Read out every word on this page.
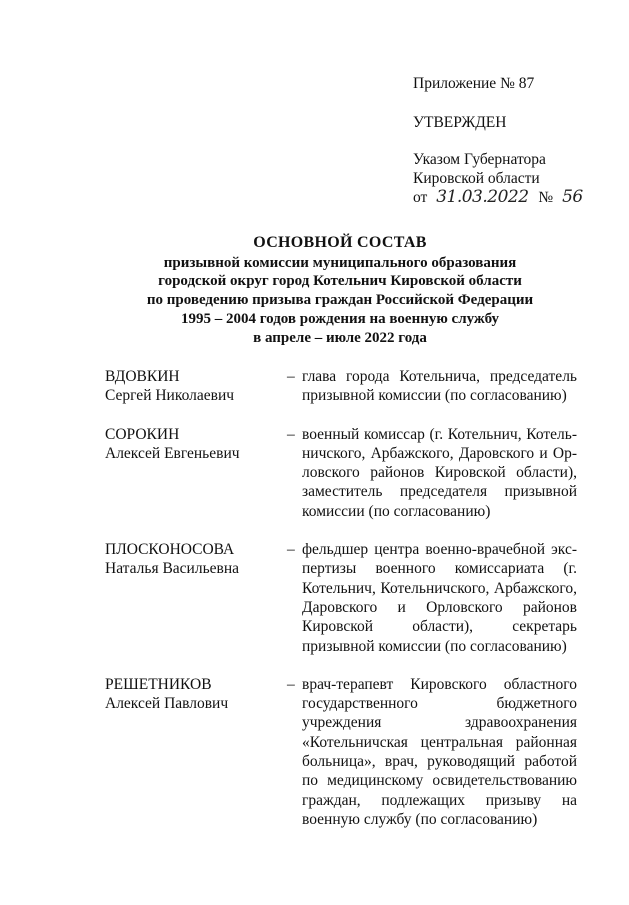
Приложение № 87
УТВЕРЖДЕН
Указом Губернатора
Кировской области
от 31.03.2022 № 56
ОСНОВНОЙ СОСТАВ
призывной комиссии муниципального образования
городской округ город Котельнич Кировской области
по проведению призыва граждан Российской Федерации
1995 – 2004 годов рождения на военную службу
в апреле – июле 2022 года
ВДОВКИН
Сергей Николаевич
– глава города Котельнича, председатель призывной комиссии (по согласованию)
СОРОКИН
Алексей Евгеньевич
– военный комиссар (г. Котельнич, Котельничского, Арбажского, Даровского и Орловского районов Кировской области), заместитель председателя призывной комиссии (по согласованию)
ПЛОСКОНОСОВА
Наталья Васильевна
– фельдшер центра военно-врачебной экспертизы военного комиссариата (г. Котельнич, Котельничского, Арбажского, Даровского и Орловского районов Кировской области), секретарь призывной комиссии (по согласованию)
РЕШЕТНИКОВ
Алексей Павлович
– врач-терапевт Кировского областного государственного бюджетного учреждения здравоохранения «Котельничская центральная районная больница», врач, руководящий работой по медицинскому освидетельствованию граждан, подлежащих призыву на военную службу (по согласованию)
